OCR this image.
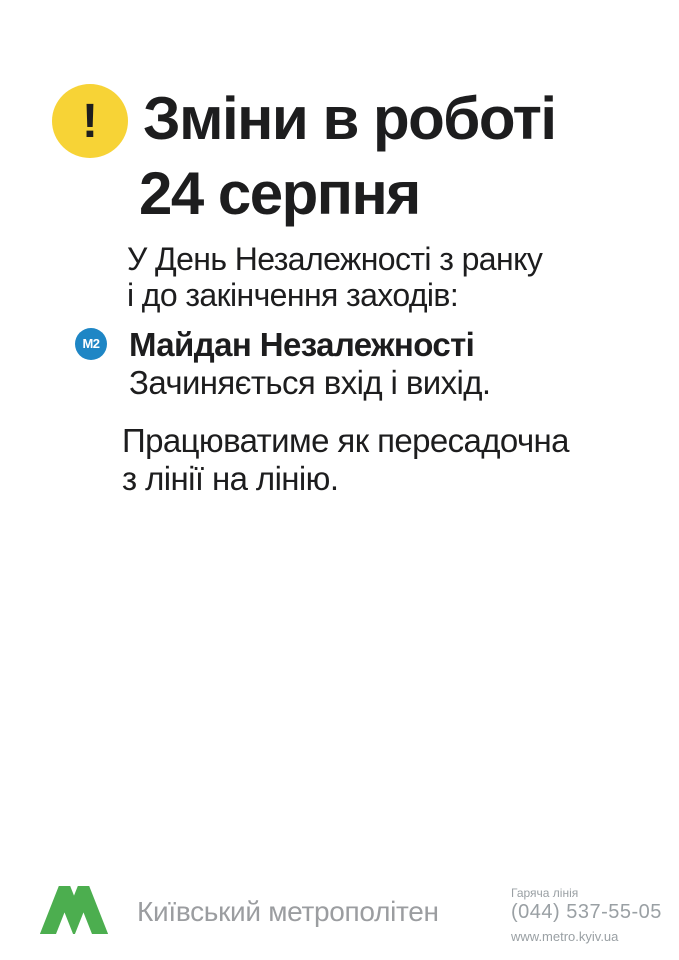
! Зміни в роботі
24 серпня

У День Незалежності з ранку
і до закінчення заходів:

М2 Майдан Незалежності
Зачиняється вхід і вихід.

Працюватиме як пересадочна
з лінії на лінію.

Київський метрополітен

Гаряча лінія

(044) 537-55-05

www.metro.kyiv.ua
